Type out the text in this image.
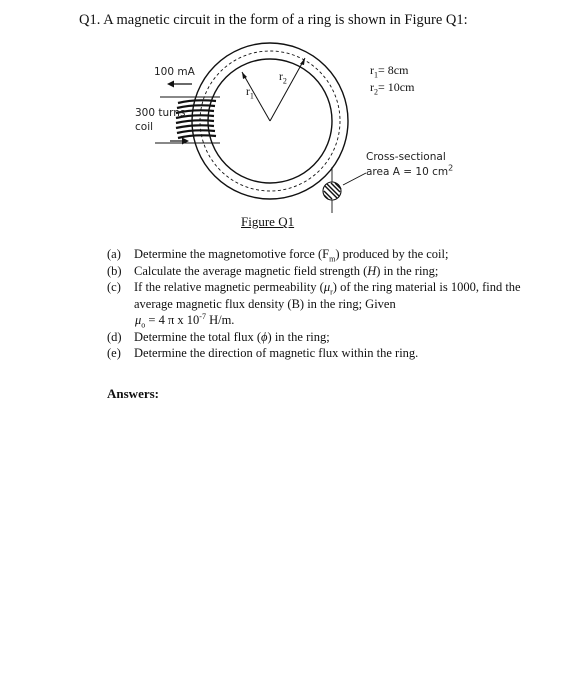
Q1. A magnetic circuit in the form of a ring is shown in Figure Q1:
100 mA
300 turns
coil
$r_1$
$r_2$
$r_1= 8cm$
$r_2= 10cm$
Cross-sectional
area A = 10 $cm^2$
Figure Q1
(a)	Determine the magnetomotive force $(F_m)$ produced by the coil;
(b) Calculate the average magnetic field strength (H) in the ring;
(c)	If the relative magnetic permeability $(\mu_r)$ of the ring material is 1000, find the average magnetic flux density (B) in the ring; Given
$\mu_o = 4$ π x $10^{-7}$ H/m.
(d) Determine the total flux (ϕ) in the ring;
(e)	Determine the direction of magnetic flux within the ring.
Answers:
